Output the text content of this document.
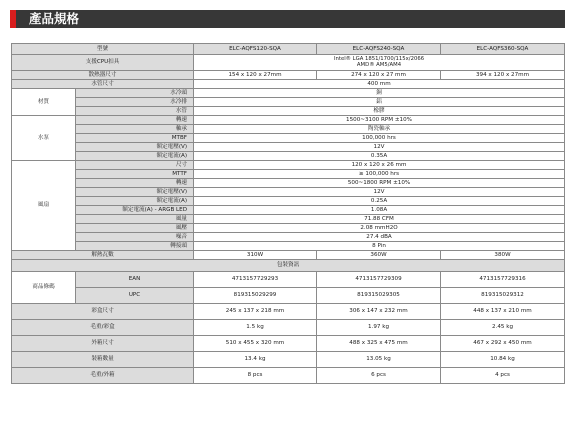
產品規格
型號		ELC-AQFS120-SQA	ELC-AQFS240-SQA	ELC-AQFS360-SQA
支援CPU扣具		Intel® LGA 1851/1700/115x/2066
AMD® AM5/AM4		

散熱器尺寸		154 x 120 x 27mm	274 x 120 x 27 mm	394 x 120 x 27mm
水管尺寸		400 mm		
材質	水冷頭	銅		
	水冷排	鋁		
	水管	橡膠		
水泵	轉速	1500~3100 RPM ±10%		
	軸承	陶瓷軸承		
	MTBF	100,000 hrs		
	額定電壓(V)	12V		
	額定電流(A)	0.35A		
風扇	尺寸	120 x 120 x 26 mm		
	MTTF	≥ 100,000 hrs		
	轉速	500~1800 RPM ±10%		
	額定電壓(V)	12V		
	額定電流(A)	0.25A		
	額定電流(A) - ARGB LED	1.08A		
	風量	71.88 CFM		
	風壓	2.08 mmH2O		
	噪音	27.4 dBA		
	轉接頭	8 Pin		
解熱瓦數		310W	360W	380W
包裝資訊				
商品條碼	EAN	4713157729293	4713157729309	4713157729316
	UPC	819315029299	819315029305	819315029312
彩盒尺寸		245 x 137 x 218 mm	306 x 147 x 232 mm	448 x 137 x 210 mm
毛重/彩盒		1.5 kg	1.97 kg	2.45 kg
外箱尺寸		510 x 455 x 320 mm	488 x 325 x 475 mm	467 x 292 x 450 mm
裝箱數量		13.4 kg	13.05 kg	10.84 kg
毛重/外箱		8 pcs	6 pcs	4 pcs
